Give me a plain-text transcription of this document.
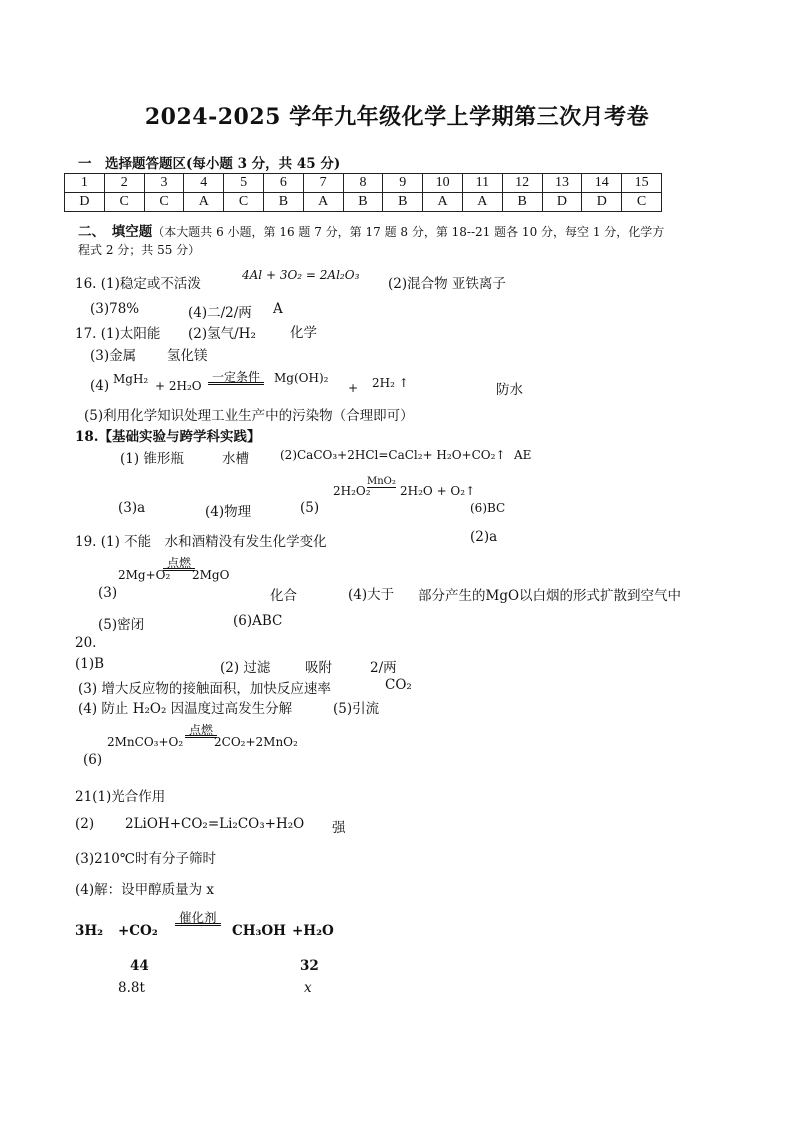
2024-2025 学年九年级化学上学期第三次月考卷
一　选择题答题区(每小题 3 分，共 45 分)
1	2	3	4	5	6	7	8	9	10	11	12	13	14	15
D	C	C	A	C	B	A	B	B	A	A	B	D	D	C
二、　填空题（本大题共 6 小题，第 16 题 7 分，第 17 题 8 分，第 18--21 题各 10 分，每空 1 分，化学方
程式 2 分；共 55 分）
16. (1)稳定或不活泼
4Al + 3O₂ = 2Al₂O₃
(2)混合物 亚铁离子
(3)78%	(4)二/2/两 A
17. (1)太阳能 (2)氢气/H₂	化学
(3)金属 氢化镁
(4) MgH₂ + 2H₂O
一定条件	Mg(OH)₂
+ 2H₂ ↑	防水
(5)利用化学知识处理工业生产中的污染物（合理即可）
18.【基础实验与跨学科实践】
(1) 锥形瓶	水槽	(2)CaCO₃+2HCl=CaCl₂+ H₂O+CO₂↑ AE
(3)a	(4)物理	(5)
2H₂O₂
MnO₂
2H₂O + O₂↑
(6)BC
19. (1) 不能　水和酒精没有发生化学变化	(2)a
2Mg+O₂
点燃
2MgO
(3)	化合	(4)大于 部分产生的MgO以白烟的形式扩散到空气中
(5)密闭	(6)ABC
20.
(1)B	(2) 过滤	吸附	2/两
(3) 增大反应物的接触面积，加快反应速率	CO₂
(4) 防止 H₂O₂ 因温度过高发生分解	(5)引流
2MnCO₃+O₂
点燃
2CO₂+2MnO₂
(6)
21(1)光合作用
(2) 2LiOH+CO₂=Li₂CO₃+H₂O 强
(3)210℃时有分子筛时
(4)解：设甲醇质量为 x
3H₂ +CO₂
催化剂
CH₃OH +H₂O
44	32
8.8t	x
